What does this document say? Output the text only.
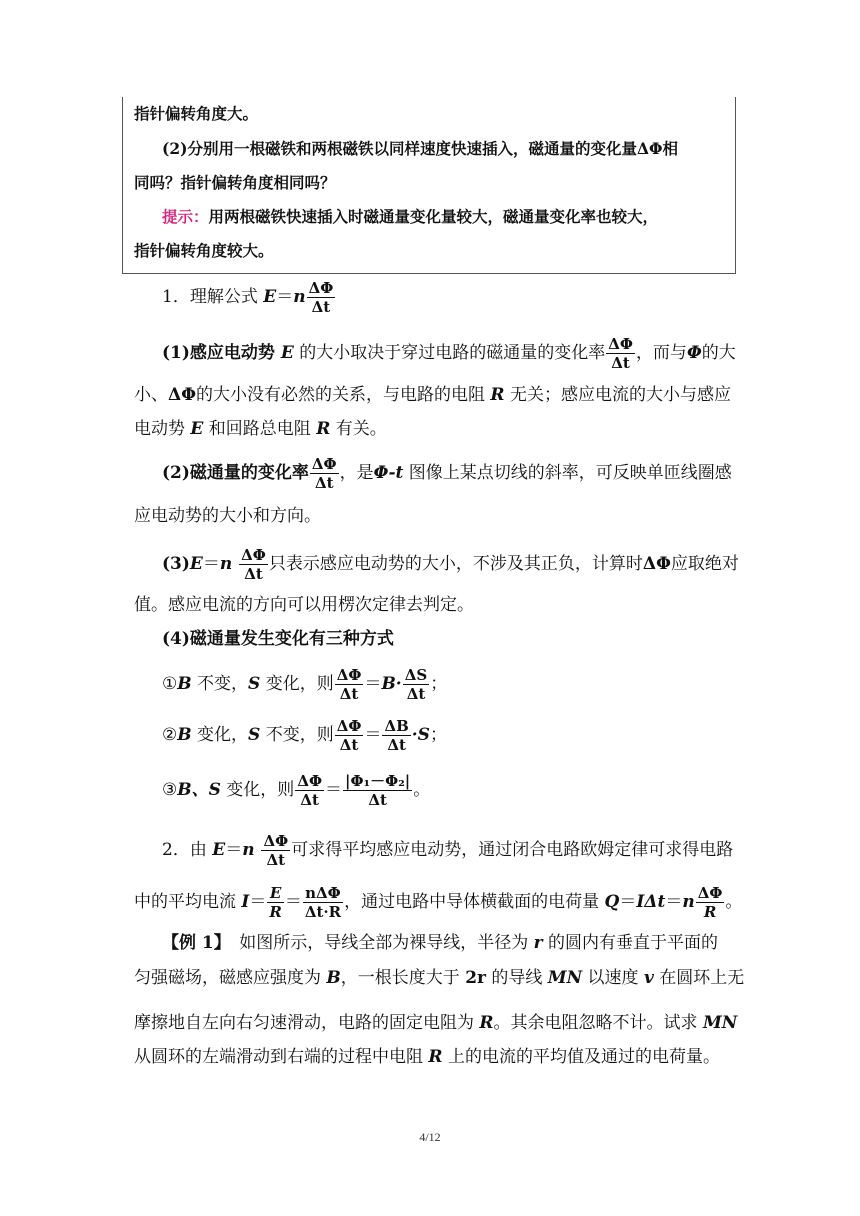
指针偏转角度大。
(2)分别用一根磁铁和两根磁铁以同样速度快速插入，磁通量的变化量ΔΦ相
同吗？指针偏转角度相同吗？
提示：用两根磁铁快速插入时磁通量变化量较大，磁通量变化率也较大，
指针偏转角度较大。
1．理解公式 $E=n \frac{\Delta\Phi}{\Delta t}$
(1)感应电动势 E 的大小取决于穿过电路的磁通量的变化率 $\frac{\Delta\Phi}{\Delta t}$ ，而与Φ的大
小、ΔΦ的大小没有必然的关系，与电路的电阻 R 无关；感应电流的大小与感应
电动势 E 和回路总电阻 R 有关。
(2)磁通量的变化率 $\frac{\Delta\Phi}{\Delta t}$ ，是Φ-t 图像上某点切线的斜率，可反映单匝线圈感
应电动势的大小和方向。
$(3)E=n \frac{\Delta\Phi}{\Delta t}$ 只表示感应电动势的大小，不涉及其正负，计算时ΔΦ应取绝对
值。感应电流的方向可以用楞次定律去判定。
(4)磁通量发生变化有三种方式
①B 不变，S 变化，则 $\frac{\Delta\Phi}{\Delta t} =B\cdot \frac{\Delta S}{\Delta t}$ ；
②B 变化，S 不变，则 $\frac{\Delta\Phi}{\Delta t} = \frac{\Delta B}{\Delta t} \cdot S$；
③B、S 变化，则 $\frac{\Delta\Phi}{\Delta t} = \frac{\text{|Φ₁－Φ₂|}}{\Delta t}$ 。
2．由 $E=n \frac{\Delta\Phi}{\Delta t}$ 可求得平均感应电动势，通过闭合电路欧姆定律可求得电路
中的平均电流 $I= \frac{E}{R} = \frac{\text{nΔΦ}}{\Delta t\cdot R}$ ，通过电路中导体横截面的电荷量 $Q=I\Delta t=n \frac{\Delta\Phi}{R}$ 。
【例 1】　如图所示，导线全部为裸导线，半径为 r 的圆内有垂直于平面的
匀强磁场，磁感应强度为 B，一根长度大于 2r 的导线 MN 以速度 v 在圆环上无
摩擦地自左向右匀速滑动，电路的固定电阻为 R。其余电阻忽略不计。试求 MN
从圆环的左端滑动到右端的过程中电阻 R 上的电流的平均值及通过的电荷量。
4/12
